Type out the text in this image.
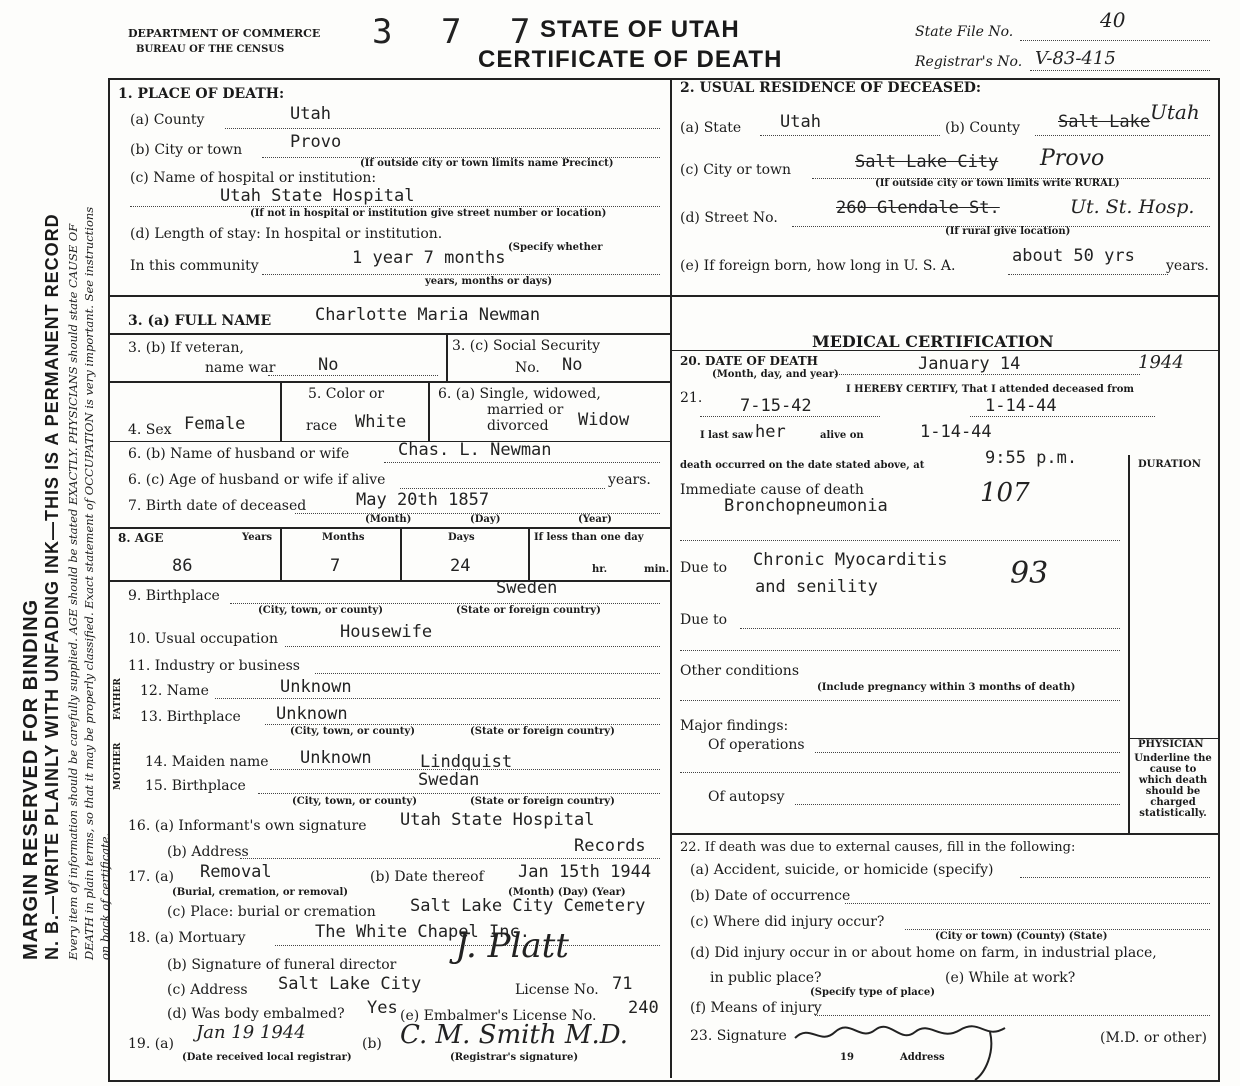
MARGIN RESERVED FOR BINDING N. B.—WRITE PLAINLY WITH UNFADING INK—THIS IS A PERMANENT RECORD Every item of information should be carefully supplied. AGE should be stated EXACTLY. PHYSICIANS should state CAUSE OF DEATH in plain terms, so that it may be properly classified. Exact statement of OCCUPATION is very important. See instructions on back of certificate.
DEPARTMENT OF COMMERCE
BUREAU OF THE CENSUS	3 7 7
STATE OF UTAH
CERTIFICATE OF DEATH
State File No.	40
Registrar's No. V-83-415
1. PLACE OF DEATH:
(a) County	Utah
(b) City or town	Provo
(If outside city or town limits name Precinct)
(c) Name of hospital or institution:
Utah State Hospital
(If not in hospital or institution give street number or location)
(d) Length of stay: In hospital or institution.
(Specify whether
In this community	1 year 7 months
years, months or days)
2. USUAL RESIDENCE OF DECEASED:
(a) State Utah	(b) County Salt Lake Utah
(c) City or town	Salt Lake City Provo
(If outside city or town limits write RURAL)
(d) Street No.	260 Glendale St.	Ut. St. Hosp.
(If rural give location)
(e) If foreign born, how long in U. S. A.	about 50 yrs years.
3. (a) FULL NAME	Charlotte Maria Newman
3. (b) If veteran,
name war	No
3. (c) Social Security
No. No
5. Color or
race White
6. (a) Single, widowed,
married or
divorced Widow
4. Sex Female
6. (b) Name of husband or wife	Chas. L. Newman
6. (c) Age of husband or wife if alive	years.
7. Birth date of deceased	May 20th 1857
(Month)	(Day)	(Year)
8. AGE	Years	Months	Days	If less than one day
hr.	min.
86	7	24
9. Birthplace	Sweden
(City, town, or county)	(State or foreign country)
10. Usual occupation	Housewife
11. Industry or business
FATHER 12. Name	Unknown
13. Birthplace Unknown
(City, town, or county)	(State or foreign country)
MOTHER 14. Maiden name Unknown	Lindquist
15. Birthplace	Swedan
(City, town, or county)	(State or foreign country)
16. (a) Informant's own signature Utah State Hospital
(b) Address	Records
17. (a) Removal
(Burial, cremation, or removal)
(b) Date thereof Jan 15th 1944
(Month) (Day) (Year)
(c) Place: burial or cremation Salt Lake City Cemetery
18. (a) Mortuary	The White Chapel Inc.
(b) Signature of funeral director J. Platt
(c) Address Salt Lake City	License No. 71
(d) Was body embalmed? Yes (e) Embalmer's License No. 240
19. (a)
Jan 19 1944
(Date received local registrar)
(b) C. M. Smith M.D.
(Registrar's signature)
MEDICAL CERTIFICATION
20. DATE OF DEATH
(Month, day, and year)
January 14	1944
I HEREBY CERTIFY, That I attended deceased from
21. 7-15-42	1-14-44
I last saw her	alive on	1-14-44
death occurred on the date stated above, at	9:55 p.m.	DURATION
Immediate cause of death	107
Bronchopneumonia
Due to Chronic Myocarditis
and senility	93
Due to
Other conditions
(Include pregnancy within 3 months of death)
Major findings:
Of operations
Of autopsy
PHYSICIAN
Underline the cause to which death should be charged statistically.
22. If death was due to external causes, fill in the following:
(a) Accident, suicide, or homicide (specify)
(b) Date of occurrence
(c) Where did injury occur?
(City or town) (County) (State)
(d) Did injury occur in or about home on farm, in industrial place,
in public place?
(Specify type of place)
(e) While at work?
(f) Means of injury
23. Signature	(M.D. or other)
19	Address
